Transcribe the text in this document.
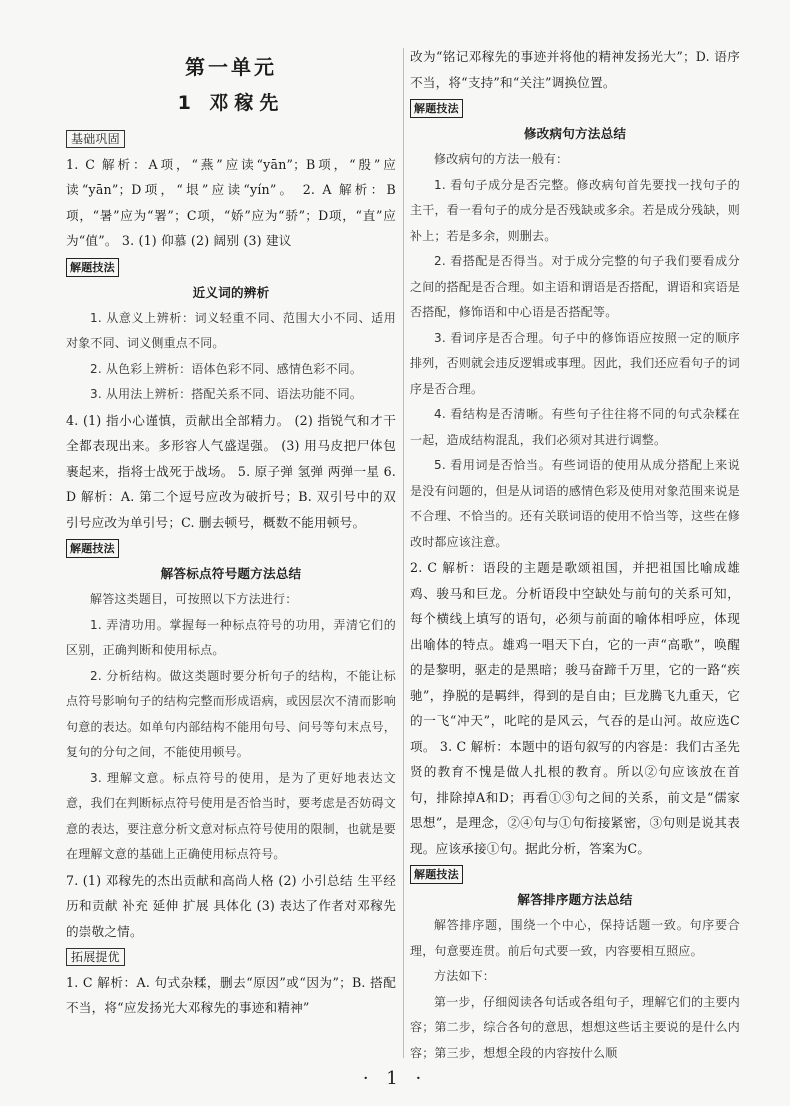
第一单元
1 邓稼先
基础巩固

1. C 解析：A项，“燕”应读“yān”；B项，“殷”应读“yān”；D项，“垠”应读“yín”。 2. A 解析：B项，“暑”应为“署”；C项，“娇”应为“骄”；D项，“直”应为“值”。 3. (1) 仰慕 (2) 阔别 (3) 建议

解题技法
近义词的辨析

1. 从意义上辨析：词义轻重不同、范围大小不同、适用对象不同、词义侧重点不同。

2. 从色彩上辨析：语体色彩不同、感情色彩不同。

3. 从用法上辨析：搭配关系不同、语法功能不同。

4. (1) 指小心谨慎，贡献出全部精力。 (2) 指锐气和才干全都表现出来。多形容人气盛逞强。 (3) 用马皮把尸体包裹起来，指将士战死于战场。 5. 原子弹 氢弹 两弹一星 6. D 解析：A. 第二个逗号应改为破折号；B. 双引号中的双引号应改为单引号；C. 删去顿号，概数不能用顿号。

解题技法
解答标点符号题方法总结

解答这类题目，可按照以下方法进行：

1. 弄清功用。掌握每一种标点符号的功用，弄清它们的区别，正确判断和使用标点。

2. 分析结构。做这类题时要分析句子的结构，不能让标点符号影响句子的结构完整而形成语病，或因层次不清而影响句意的表达。如单句内部结构不能用句号、问号等句末点号，复句的分句之间，不能使用顿号。

3. 理解文意。标点符号的使用，是为了更好地表达文意，我们在判断标点符号使用是否恰当时，要考虑是否妨碍文意的表达，要注意分析文意对标点符号使用的限制，也就是要在理解文意的基础上正确使用标点符号。

7. (1) 邓稼先的杰出贡献和高尚人格 (2) 小引总结 生平经历和贡献 补充 延伸 扩展 具体化 (3) 表达了作者对邓稼先的崇敬之情。

拓展提优

1. C 解析：A. 句式杂糅，删去“原因”或“因为”；B. 搭配不当，将“应发扬光大邓稼先的事迹和精神”

改为“铭记邓稼先的事迹并将他的精神发扬光大”；D. 语序不当，将“支持”和“关注”调换位置。

解题技法
修改病句方法总结

修改病句的方法一般有：

1. 看句子成分是否完整。修改病句首先要找一找句子的主干，看一看句子的成分是否残缺或多余。若是成分残缺，则补上；若是多余，则删去。

2. 看搭配是否得当。对于成分完整的句子我们要看成分之间的搭配是否合理。如主语和谓语是否搭配，谓语和宾语是否搭配，修饰语和中心语是否搭配等。

3. 看词序是否合理。句子中的修饰语应按照一定的顺序排列，否则就会违反逻辑或事理。因此，我们还应看句子的词序是否合理。

4. 看结构是否清晰。有些句子往往将不同的句式杂糅在一起，造成结构混乱，我们必须对其进行调整。

5. 看用词是否恰当。有些词语的使用从成分搭配上来说是没有问题的，但是从词语的感情色彩及使用对象范围来说是不合理、不恰当的。还有关联词语的使用不恰当等，这些在修改时都应该注意。

2. C 解析：语段的主题是歌颂祖国，并把祖国比喻成雄鸡、骏马和巨龙。分析语段中空缺处与前句的关系可知，每个横线上填写的语句，必须与前面的喻体相呼应，体现出喻体的特点。雄鸡一唱天下白，它的一声“高歌”，唤醒的是黎明，驱走的是黑暗；骏马奋蹄千万里，它的一路“疾驰”，挣脱的是羁绊，得到的是自由；巨龙腾飞九重天，它的一飞“冲天”，叱咤的是风云，气吞的是山河。故应选C项。 3. C 解析：本题中的语句叙写的内容是：我们古圣先贤的教育不愧是做人扎根的教育。所以②句应该放在首句，排除掉A和D；再看①③句之间的关系，前文是“儒家思想”，是理念，②④句与①句衔接紧密，③句则是说其表现。应该承接①句。据此分析，答案为C。

解题技法
解答排序题方法总结

解答排序题，围绕一个中心，保持话题一致。句序要合理，句意要连贯。前后句式要一致，内容要相互照应。

方法如下：

第一步，仔细阅读各句话或各组句子，理解它们的主要内容；第二步，综合各句的意思，想想这些话主要说的是什么内容；第三步，想想全段的内容按什么顺

· 1 ·
